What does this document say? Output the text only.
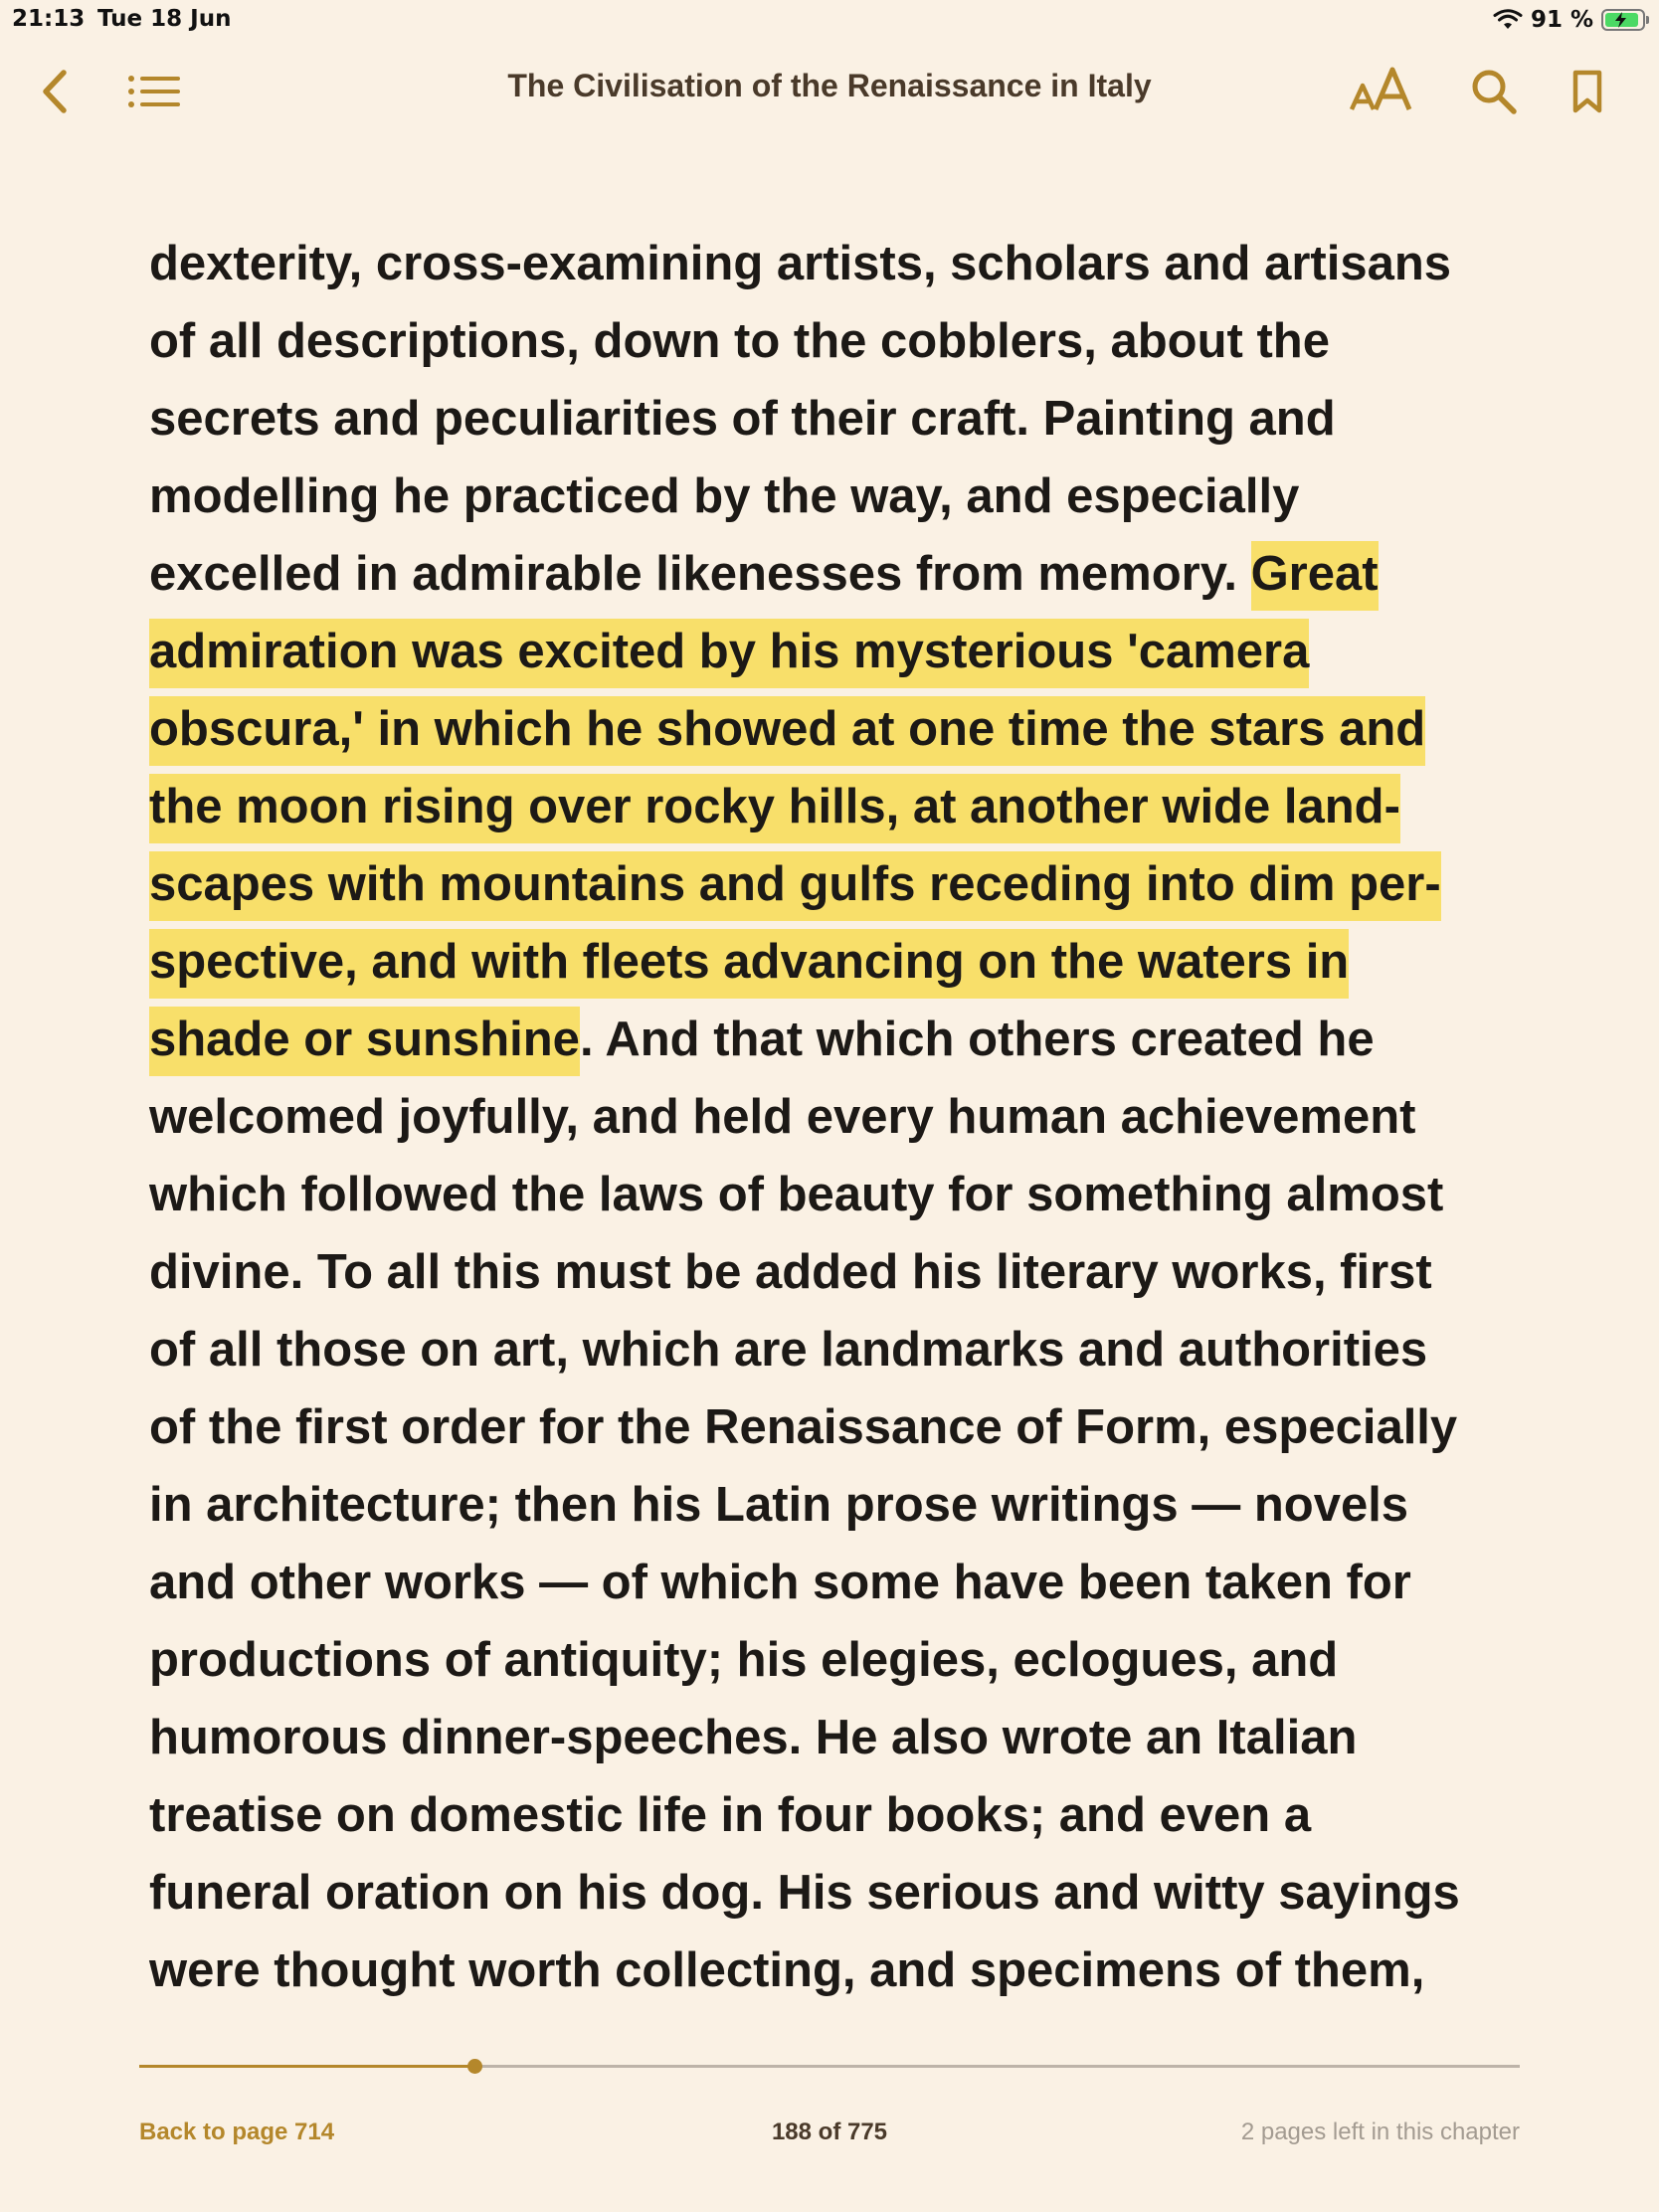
21:13 Tue 18 Jun	91 %
The Civilisation of the Renaissance in Italy
dexterity, cross-examining artists, scholars and artisans
of all descriptions, down to the cobblers, about the
secrets and peculiarities of their craft. Painting and
modelling he practiced by the way, and especially
excelled in admirable likenesses from memory. Great
admiration was excited by his mysterious 'camera
obscura,' in which he showed at one time the stars and
the moon rising over rocky hills, at another wide land-
scapes with mountains and gulfs receding into dim per-
spective, and with fleets advancing on the waters in
shade or sunshine. And that which others created he
welcomed joyfully, and held every human achievement
which followed the laws of beauty for something almost
divine. To all this must be added his literary works, first
of all those on art, which are landmarks and authorities
of the first order for the Renaissance of Form, especially
in architecture; then his Latin prose writings — novels
and other works — of which some have been taken for
productions of antiquity; his elegies, eclogues, and
humorous dinner-speeches. He also wrote an Italian
treatise on domestic life in four books; and even a
funeral oration on his dog. His serious and witty sayings
were thought worth collecting, and specimens of them,
Back to page 714	188 of 775	2 pages left in this chapter
